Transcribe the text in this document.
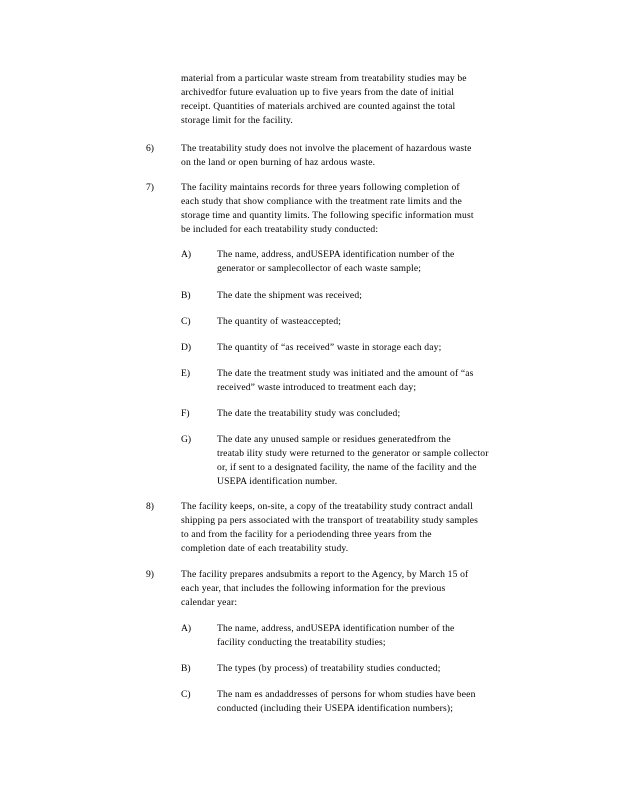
material from a particular waste stream from treatability studies may be

archivedfor future evaluation up to five years from the date of initial

receipt. Quantities of materials archived are counted against the total

storage limit for the facility.

6)	The treatability study does not involve the placement of hazardous waste

on the land or open burning of haz ardous waste.

7)	The facility maintains records for three years following completion of

each study that show compliance with the treatment rate limits and the

storage time and quantity limits. The following specific information must

be included for each treatability study conducted:

A)	The name, address, andUSEPA identification number of the

generator or samplecollector of each waste sample;

B)	The date the shipment was received;

C)	The quantity of wasteaccepted;

D)	The quantity of “as received” waste in storage each day;

E)	The date the treatment study was initiated and the amount of “as

received” waste introduced to treatment each day;

F)	The date the treatability study was concluded;

G)	The date any unused sample or residues generatedfrom the

treatab ility study were returned to the generator or sample collector

or, if sent to a designated facility, the name of the facility and the

USEPA identification number.

8)	The facility keeps, on-site, a copy of the treatability study contract andall

shipping pa pers associated with the transport of treatability study samples

to and from the facility for a periodending three years from the

completion date of each treatability study.

9)	The facility prepares andsubmits a report to the Agency, by March 15 of

each year, that includes the following information for the previous

calendar year:

A)	The name, address, andUSEPA identification number of the

facility conducting the treatability studies;

B)	The types (by process) of treatability studies conducted;

C)	The nam es andaddresses of persons for whom studies have been

conducted (including their USEPA identification numbers);
